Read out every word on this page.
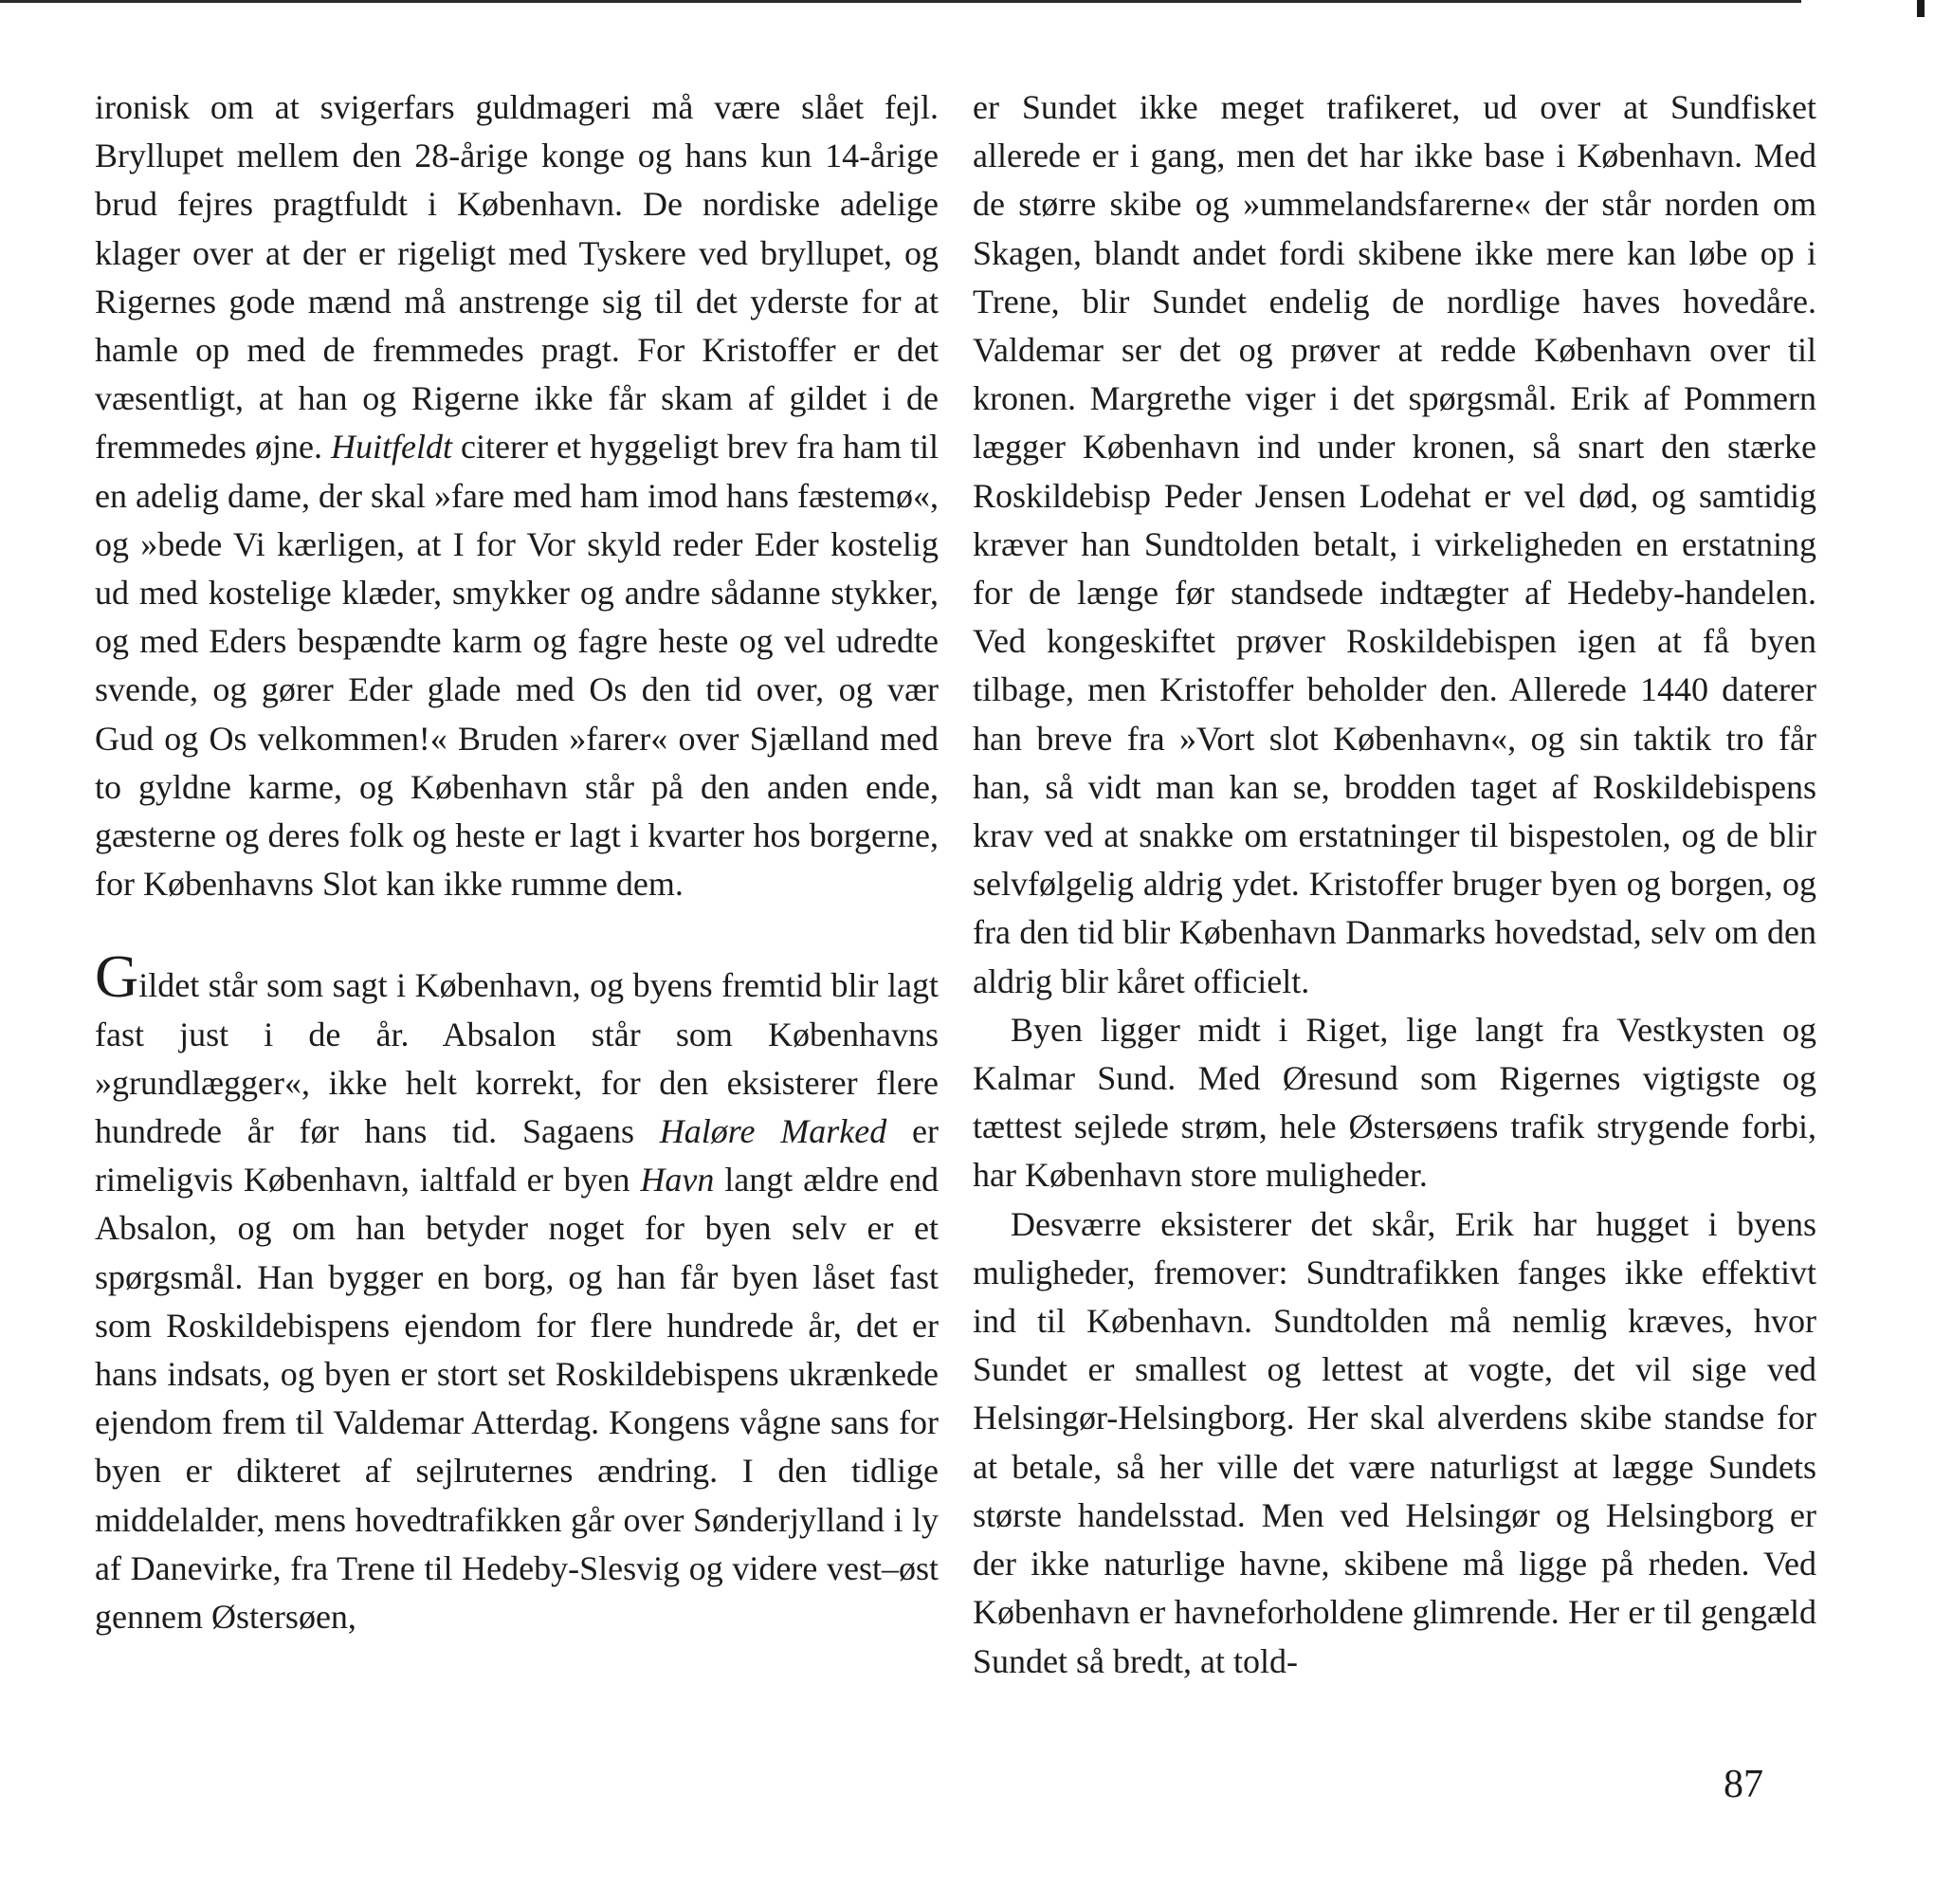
ironisk om at svigerfars guldmageri må være slået fejl. Bryllupet mellem den 28-årige konge og hans kun 14-årige brud fejres pragtfuldt i København. De nordiske adelige klager over at der er rigeligt med Tyskere ved bryllupet, og Rigernes gode mænd må anstrenge sig til det yderste for at hamle op med de fremmedes pragt. For Kristoffer er det væsentligt, at han og Rigerne ikke får skam af gildet i de fremmedes øjne. Huitfeldt citerer et hyggeligt brev fra ham til en adelig dame, der skal »fare med ham imod hans fæstemø«, og »bede Vi kærligen, at I for Vor skyld reder Eder kostelig ud med kostelige klæder, smykker og andre sådanne stykker, og med Eders bespændte karm og fagre heste og vel udredte svende, og gører Eder glade med Os den tid over, og vær Gud og Os velkommen!« Bruden »farer« over Sjælland med to gyldne karme, og København står på den anden ende, gæsterne og deres folk og heste er lagt i kvarter hos borgerne, for Københavns Slot kan ikke rumme dem.

Gildet står som sagt i København, og byens fremtid blir lagt fast just i de år. Absalon står som Københavns »grundlægger«, ikke helt korrekt, for den eksisterer flere hundrede år før hans tid. Sagaens Haløre Marked er rimeligvis København, ialtfald er byen Havn langt ældre end Absalon, og om han betyder noget for byen selv er et spørgsmål. Han bygger en borg, og han får byen låset fast som Roskildebispens ejendom for flere hundrede år, det er hans indsats, og byen er stort set Roskildebispens ukrænkede ejendom frem til Valdemar Atterdag. Kongens vågne sans for byen er dikteret af sejlruternes ændring. I den tidlige middelalder, mens hovedtrafikken går over Sønderjylland i ly af Danevirke, fra Trene til Hedeby-Slesvig og videre vest–øst gennem Østersøen,

er Sundet ikke meget trafikeret, ud over at Sundfisket allerede er i gang, men det har ikke base i København. Med de større skibe og »ummelandsfarerne« der står norden om Skagen, blandt andet fordi skibene ikke mere kan løbe op i Trene, blir Sundet endelig de nordlige haves hovedåre. Valdemar ser det og prøver at redde København over til kronen. Margrethe viger i det spørgsmål. Erik af Pommern lægger København ind under kronen, så snart den stærke Roskildebisp Peder Jensen Lodehat er vel død, og samtidig kræver han Sundtolden betalt, i virkeligheden en erstatning for de længe før standsede indtægter af Hedeby-handelen. Ved kongeskiftet prøver Roskildebispen igen at få byen tilbage, men Kristoffer beholder den. Allerede 1440 daterer han breve fra »Vort slot København«, og sin taktik tro får han, så vidt man kan se, brodden taget af Roskildebispens krav ved at snakke om erstatninger til bispestolen, og de blir selvfølgelig aldrig ydet. Kristoffer bruger byen og borgen, og fra den tid blir København Danmarks hovedstad, selv om den aldrig blir kåret officielt.

Byen ligger midt i Riget, lige langt fra Vestkysten og Kalmar Sund. Med Øresund som Rigernes vigtigste og tættest sejlede strøm, hele Østersøens trafik strygende forbi, har København store muligheder.

Desværre eksisterer det skår, Erik har hugget i byens muligheder, fremover: Sundtrafikken fanges ikke effektivt ind til København. Sundtolden må nemlig kræves, hvor Sundet er smallest og lettest at vogte, det vil sige ved Helsingør-Helsingborg. Her skal alverdens skibe standse for at betale, så her ville det være naturligst at lægge Sundets største handelsstad. Men ved Helsingør og Helsingborg er der ikke naturlige havne, skibene må ligge på rheden. Ved København er havneforholdene glimrende. Her er til gengæld Sundet så bredt, at told-

87
